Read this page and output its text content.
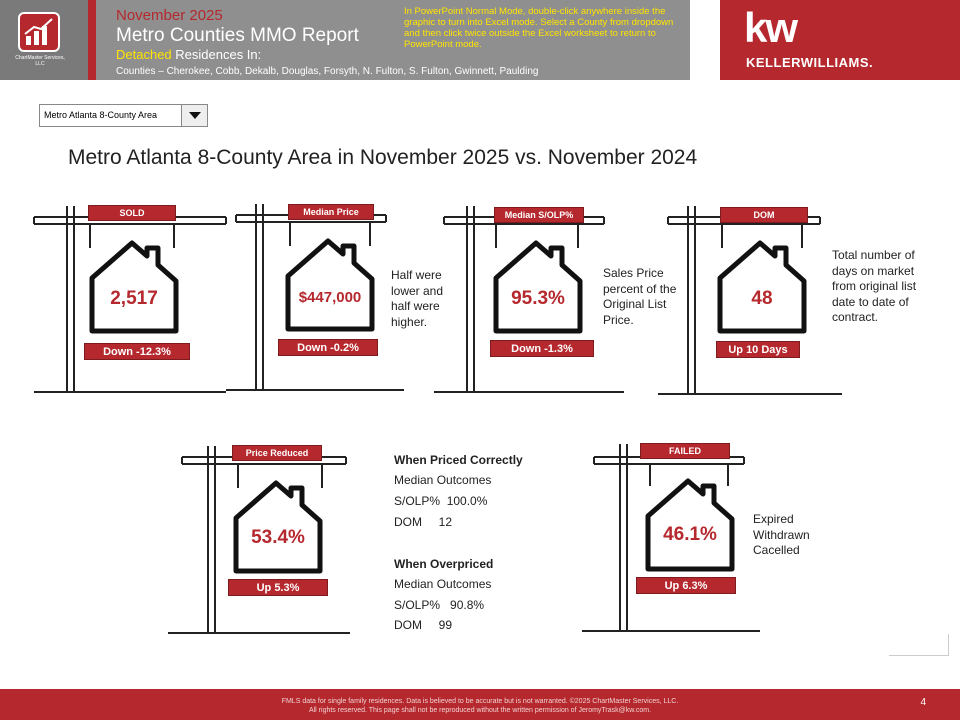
ChartMaster Services, LLC
November 2025
Metro Counties MMO Report
Detached Residences In:
Counties – Cherokee, Cobb, Dekalb, Douglas, Forsyth, N. Fulton, S. Fulton, Gwinnett, Paulding
In PowerPoint Normal Mode, double-click anywhere inside the graphic to turn into Excel mode. Select a County from dropdown and then click twice outside the Excel worksheet to return to PowerPoint mode.	kw
KELLERWILLIAMS.
Metro Atlanta 8-County Area
Metro Atlanta 8-County Area in November 2025 vs. November 2024
SOLD
2,517
Down -12.3%
Median Price
$447,000
Down -0.2%
Half were lower and half were higher.
Median S/OLP%
95.3%
Down -1.3%
Sales Price percent of the Original List Price.
DOM
48
Up 10 Days
Total number of days on market from original list date to date of contract.
Price Reduced
53.4%
Up 5.3%
When Priced Correctly
Median Outcomes
S/OLP%  100.0%
DOM     12
When Overpriced
Median Outcomes
S/OLP%   90.8%
DOM     99
FAILED
46.1%
Up 6.3%
Expired
Withdrawn
Cacelled
FMLS data for single family residences. Data is believed to be accurate but is not warranted. ©2025 ChartMaster Services, LLC.
All rights reserved. This page shall not be reproduced without the written permission of JeromyTrask@kw.com.
4
